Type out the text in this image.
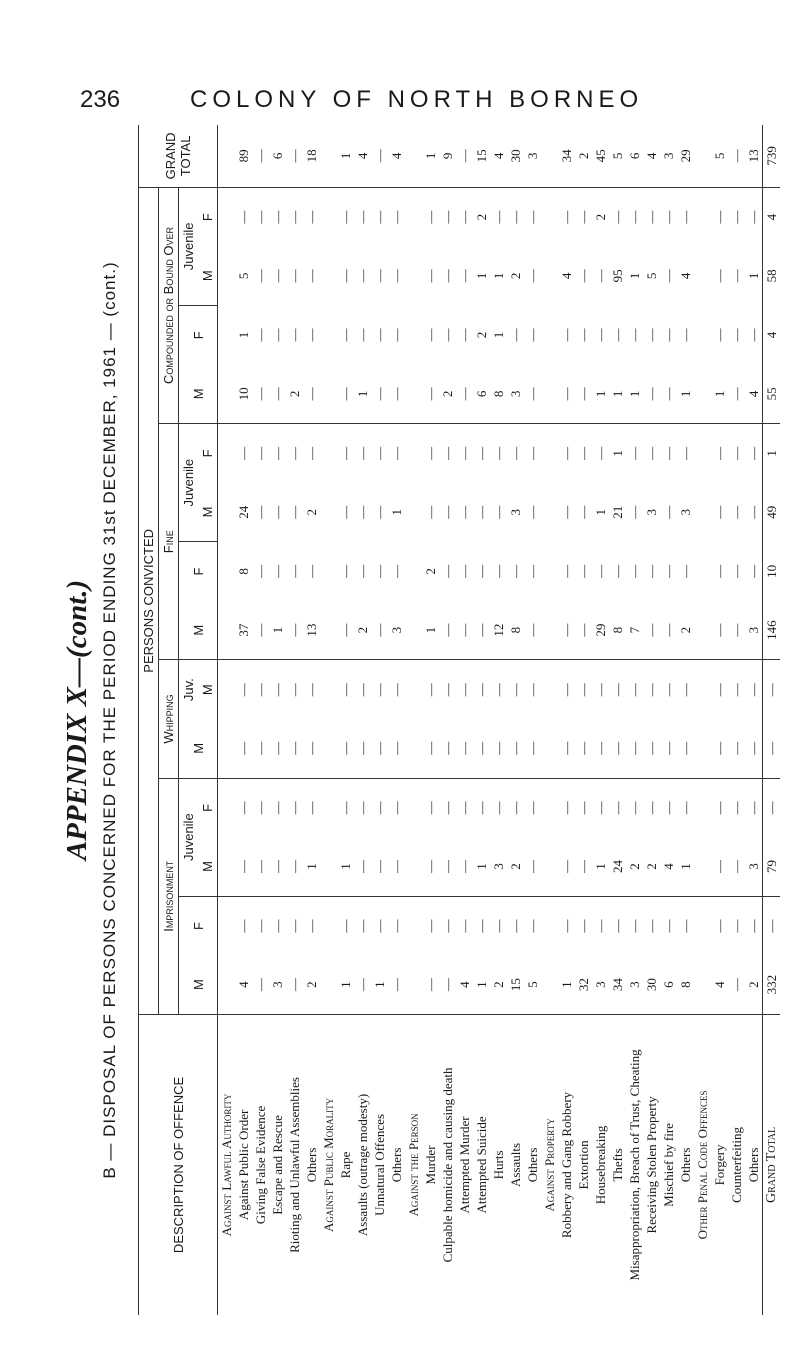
236	COLONY OF NORTH BORNEO
APPENDIX X—(cont.) B — DISPOSAL OF PERSONS CONCERNED FOR THE PERIOD ENDING 31st DECEMBER, 1961 — (cont.)	DESCRIPTION OF OFFENCE	PERSONS CONVICTED														GRAND TOTAL
	Imprisonment				Whipping		Fine				Compounded or Bound Over				
	M	F	Juvenile		M	Juv.	M	F	Juvenile		M	F	Juvenile		
			M	F		M			M	F			M	F	
Against Lawful Authority															
Against Public Order	4	—	—	—	—	—	37	8	24	—	10	1	5	—	89
Giving False Evidence	—	—	—	—	—	—	—	—	—	—	—	—	—	—	—
Escape and Rescue	3	—	—	—	—	—	1	—	—	—	—	—	—	—	6
Rioting and Unlawful Assemblies	—	—	—	—	—	—	—	—	—	—	2	—	—	—	—
Others	2	—	1	—	—	—	13	—	2	—	—	—	—	—	18
Against Public Morality															
Rape	1	—	1	—	—	—	—	—	—	—	—	—	—	—	1
Assaults (outrage modesty)	—	—	—	—	—	—	2	—	—	—	1	—	—	—	4
Unnatural Offences	1	—	—	—	—	—	—	—	—	—	—	—	—	—	—
Others	—	—	—	—	—	—	3	—	1	—	—	—	—	—	4
Against the Person															
Murder	—	—	—	—	—	—	1	2	—	—	—	—	—	—	1
Culpable homicide and causing death	—	—	—	—	—	—	—	—	—	—	2	—	—	—	9
Attempted Murder	4	—	—	—	—	—	—	—	—	—	—	—	—	—	—
Attempted Suicide	1	—	1	—	—	—	—	—	—	—	6	2	1	2	15
Hurts	2	—	3	—	—	—	12	—	—	—	8	1	1	—	4
Assaults	15	—	2	—	—	—	8	—	3	—	3	—	2	—	30
Others	5	—	—	—	—	—	—	—	—	—	—	—	—	—	3
Against Property															
Robbery and Gang Robbery	1	—	—	—	—	—	—	—	—	—	—	—	4	—	34
Extortion	32	—	—	—	—	—	—	—	—	—	—	—	—	—	2
Housebreaking	3	—	1	—	—	—	29	—	1	—	1	—	—	2	45
Thefts	34	—	24	—	—	—	8	—	21	1	1	—	95	—	5
Misappropriation, Breach of Trust, Cheating	3	—	2	—	—	—	7	—	—	—	1	—	1	—	6
Receiving Stolen Property	30	—	2	—	—	—	—	—	3	—	—	—	5	—	4
Mischief by fire	6	—	4	—	—	—	—	—	—	—	—	—	—	—	3
Others	8	—	1	—	—	—	2	—	3	—	1	—	4	—	29
Other Penal Code Offences															
Forgery	4	—	—	—	—	—	—	—	—	—	1	—	—	—	5
Counterfeiting	—	—	—	—	—	—	—	—	—	—	—	—	—	—	—
Others	2	—	3	—	—	—	3	—	—	—	4	—	1	—	13
Grand Total	332	—	79	—	—	—	146	10	49	1	55	4	58	4	739
